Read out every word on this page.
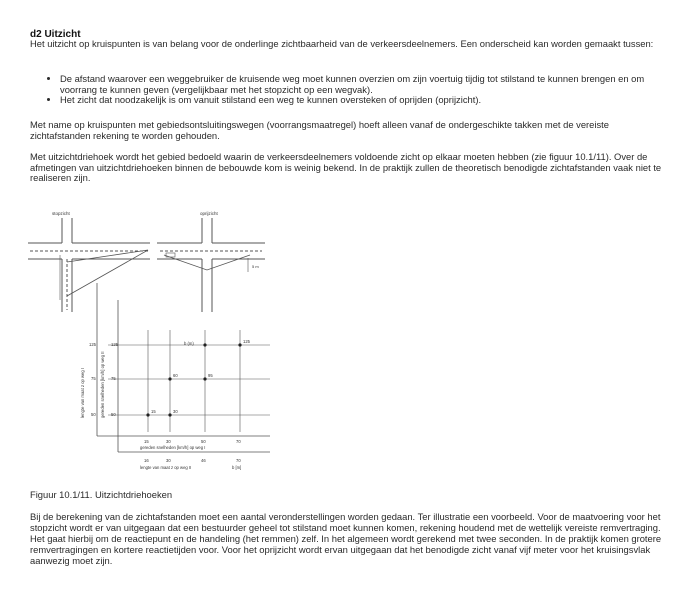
d2 Uitzicht

Het uitzicht op kruispunten is van belang voor de onderlinge zichtbaarheid van de verkeersdeelnemers. Een onderscheid kan worden gemaakt tussen:

• De afstand waarover een weggebruiker de kruisende weg moet kunnen overzien om zijn voertuig tijdig tot stilstand te kunnen brengen en om voorrang te kunnen geven (vergelijkbaar met het stopzicht op een wegvak).
• Het zicht dat noodzakelijk is om vanuit stilstand een weg te kunnen oversteken of oprijden (oprijzicht).

Met name op kruispunten met gebiedsontsluitingswegen (voorrangsmaatregel) hoeft alleen vanaf de ondergeschikte takken met de vereiste zichtafstanden rekening te worden gehouden.

Met uitzichtdriehoek wordt het gebied bedoeld waarin de verkeersdeelnemers voldoende zicht op elkaar moeten hebben (zie figuur 10.1/11). Over de afmetingen van uitzichtdriehoeken binnen de bebouwde kom is weinig bekend. In de praktijk zullen de theoretisch benodigde zichtafstanden vaak niet te realiseren zijn.

stopzicht	oprijzicht
5 m
15	30
60	95
125
b (m)
125
75
50
125
75
50
15	30	50	70
16	30	46	70
gereden snelheden [km/h] op weg I
lengte van maat z op weg II	b [m]
lengte van maat z op weg I	gereden snelheden [km/h] op weg II
Figuur 10.1/11. Uitzichtdriehoeken

Bij de berekening van de zichtafstanden moet een aantal veronderstellingen worden gedaan. Ter illustratie een voorbeeld. Voor de maatvoering voor het stopzicht wordt er van uitgegaan dat een bestuurder geheel tot stilstand moet kunnen komen, rekening houdend met de wettelijk vereiste remvertraging. Het gaat hierbij om de reactiepunt en de handeling (het remmen) zelf. In het algemeen wordt gerekend met twee seconden. In de praktijk komen grotere remvertragingen en kortere reactietijden voor. Voor het oprijzicht wordt ervan uitgegaan dat het benodigde zicht vanaf vijf meter voor het kruisingsvlak aanwezig moet zijn.
